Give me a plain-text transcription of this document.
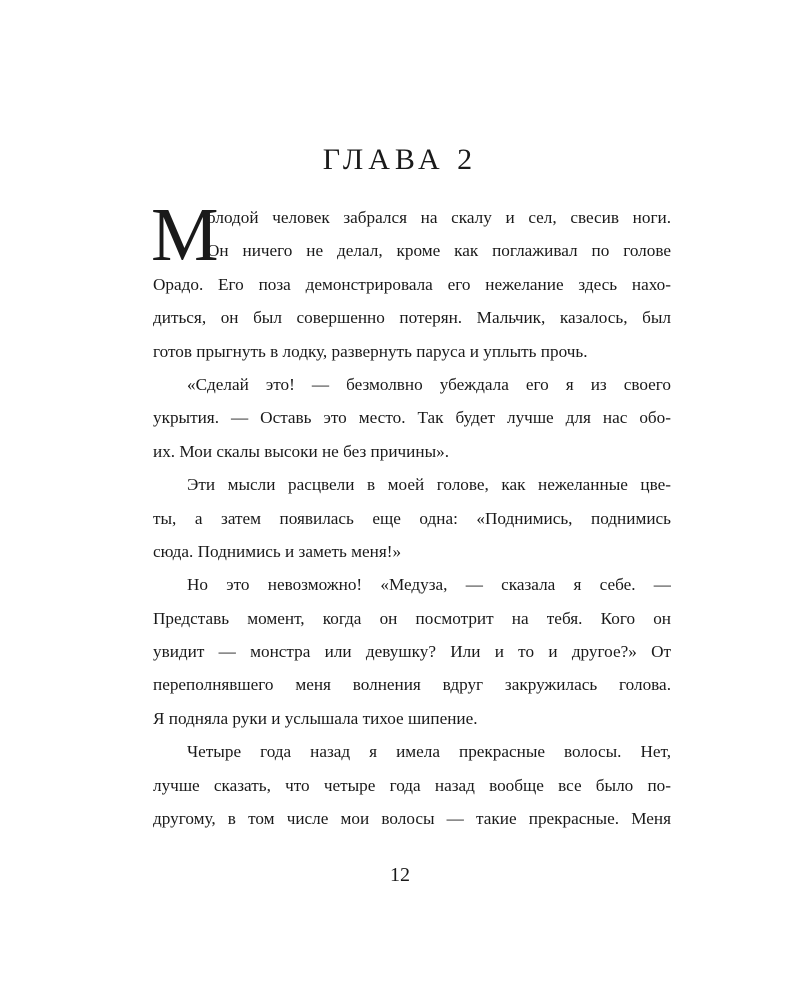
ГЛАВА 2
М
олодой человек забрался на скалу и сел, свесив ноги.
Он ничего не делал, кроме как поглаживал по голове
Орадо. Его поза демонстрировала его нежелание здесь нахо-
диться, он был совершенно потерян. Мальчик, казалось, был
готов прыгнуть в лодку, развернуть паруса и уплыть прочь.
«Сделай это! — безмолвно убеждала его я из своего
укрытия. — Оставь это место. Так будет лучше для нас обо-
их. Мои скалы высоки не без причины».
Эти мысли расцвели в моей голове, как нежеланные цве-
ты, а затем появилась еще одна: «Поднимись, поднимись
сюда. Поднимись и заметь меня!»
Но это невозможно! «Медуза, — сказала я себе. —
Представь момент, когда он посмотрит на тебя. Кого он
увидит — монстра или девушку? Или и то и другое?» От
переполнявшего меня волнения вдруг закружилась голова.
Я подняла руки и услышала тихое шипение.
Четыре года назад я имела прекрасные волосы. Нет,
лучше сказать, что четыре года назад вообще все было по-
другому, в том числе мои волосы — такие прекрасные. Меня
12
